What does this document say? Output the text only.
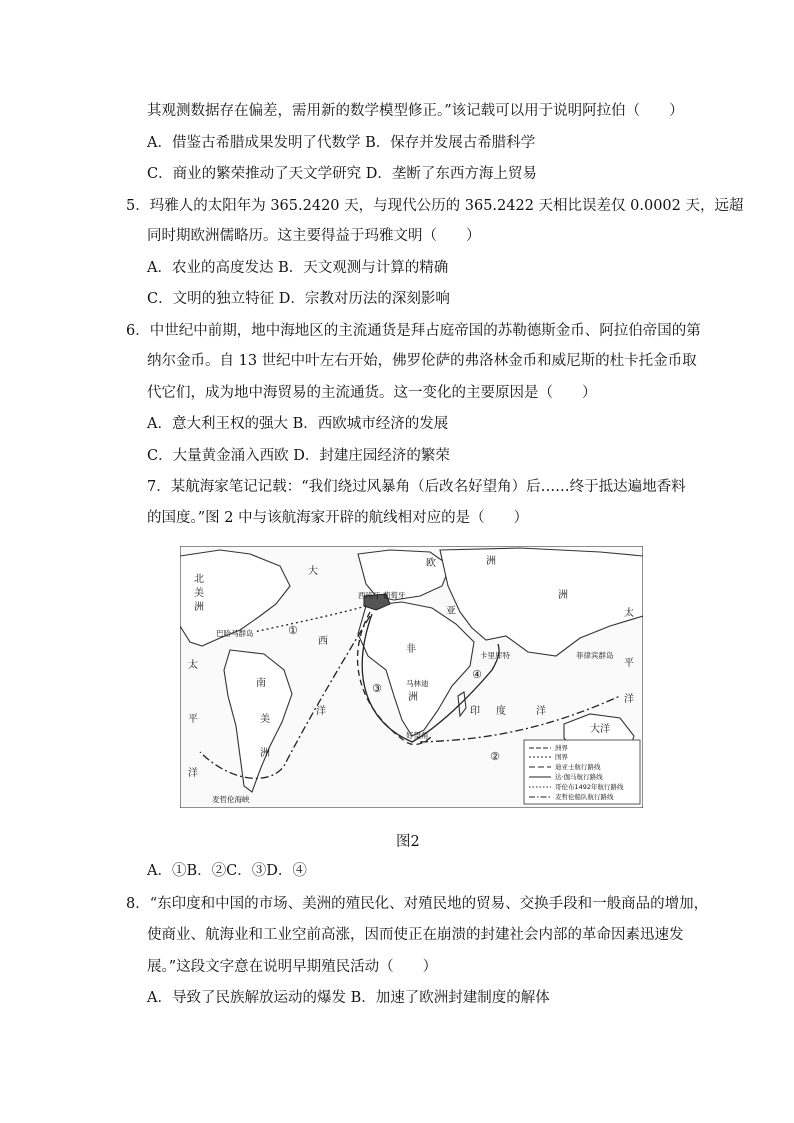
其观测数据存在偏差，需用新的数学模型修正。”该记载可以用于说明阿拉伯（　　）
A．借鉴古希腊成果发明了代数学 B．保存并发展古希腊科学
C．商业的繁荣推动了天文学研究 D．垄断了东西方海上贸易
5．玛雅人的太阳年为 365.2420 天，与现代公历的 365.2422 天相比误差仅 0.0002 天，远超
同时期欧洲儒略历。这主要得益于玛雅文明（　　）
A．农业的高度发达 B．天文观测与计算的精确
C．文明的独立特征 D．宗教对历法的深刻影响
6．中世纪中前期，地中海地区的主流通货是拜占庭帝国的苏勒德斯金币、阿拉伯帝国的第
纳尔金币。自 13 世纪中叶左右开始，佛罗伦萨的弗洛林金币和威尼斯的杜卡托金币取
代它们，成为地中海贸易的主流通货。这一变化的主要原因是（　　）
A．意大利王权的强大 B．西欧城市经济的发展
C．大量黄金涌入西欧 D．封建庄园经济的繁荣
7．某航海家笔记记载：“我们绕过风暴角（后改名好望角）后……终于抵达遍地香料
的国度。”图 2 中与该航海家开辟的航线相对应的是（　　）
北
美
洲
大
西
洋
欧	洲
亚
洲
非
洲
南
美
洲
太
平
洋
太
平
洋
印 度	洋
大洋
西班牙 葡萄牙
巴哈马群岛
卡里库特
马林迪
好望角
菲律宾群岛
麦哲伦海峡
①
②
③
④
洲界
国界
迪亚士航行路线
达·伽马航行路线
哥伦布1492年航行路线
麦哲伦船队航行路线
图2
A．①B．②C．③D．④
8．“东印度和中国的市场、美洲的殖民化、对殖民地的贸易、交换手段和一般商品的增加，
使商业、航海业和工业空前高涨，因而使正在崩溃的封建社会内部的革命因素迅速发
展。”这段文字意在说明早期殖民活动（　　）
A．导致了民族解放运动的爆发 B．加速了欧洲封建制度的解体
